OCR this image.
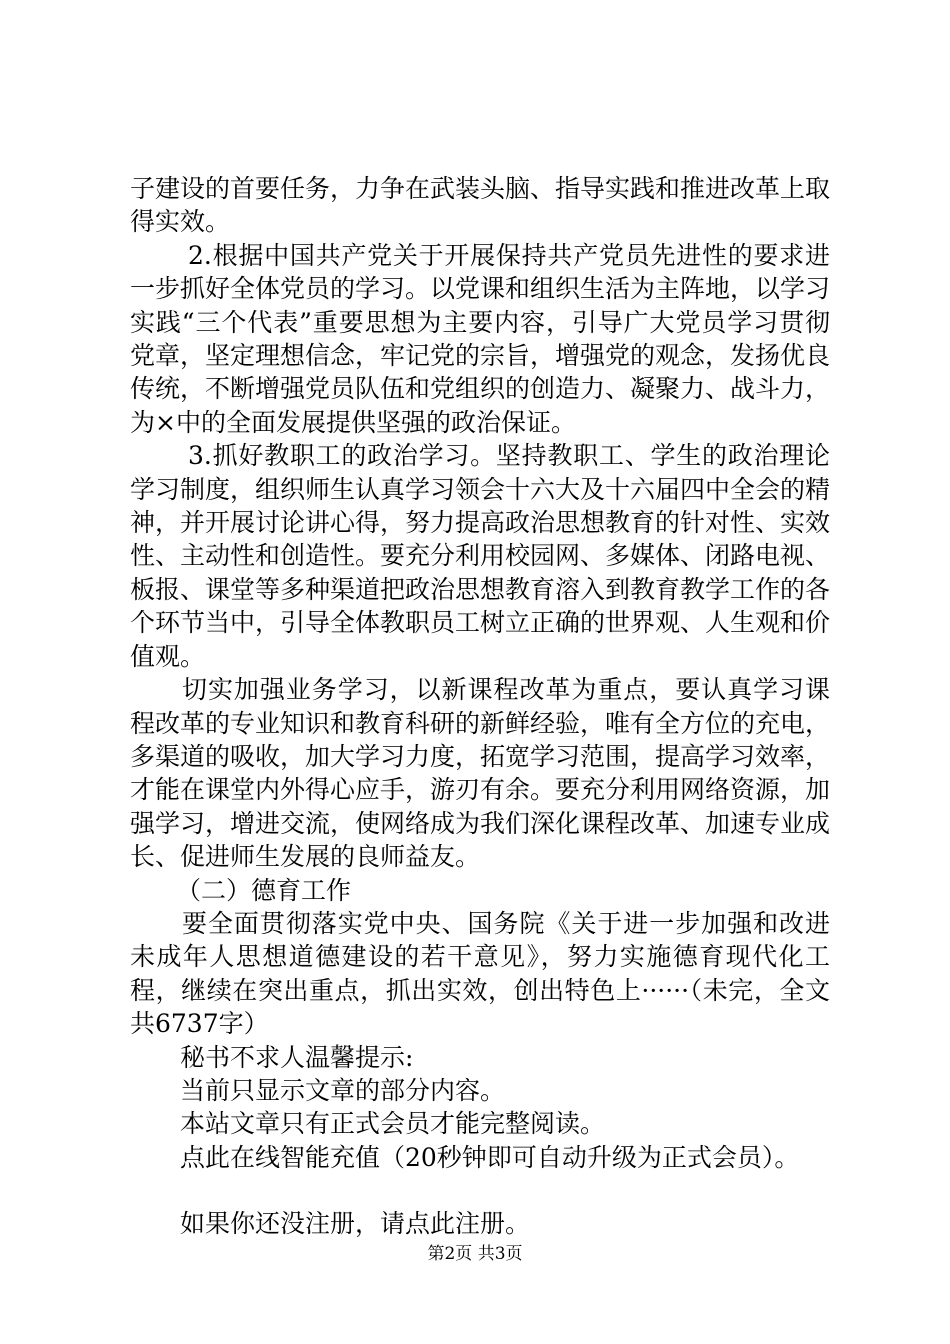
子建设的首要任务，力争在武装头脑、指导实践和推进改革上取得实效。

2.根据中国共产党关于开展保持共产党员先进性的要求进一步抓好全体党员的学习。以党课和组织生活为主阵地，以学习实践“三个代表”重要思想为主要内容，引导广大党员学习贯彻党章，坚定理想信念，牢记党的宗旨，增强党的观念，发扬优良传统，不断增强党员队伍和党组织的创造力、凝聚力、战斗力，为×中的全面发展提供坚强的政治保证。

3.抓好教职工的政治学习。坚持教职工、学生的政治理论学习制度，组织师生认真学习领会十六大及十六届四中全会的精神，并开展讨论讲心得，努力提高政治思想教育的针对性、实效性、主动性和创造性。要充分利用校园网、多媒体、闭路电视、板报、课堂等多种渠道把政治思想教育溶入到教育教学工作的各个环节当中，引导全体教职员工树立正确的世界观、人生观和价值观。

切实加强业务学习，以新课程改革为重点，要认真学习课程改革的专业知识和教育科研的新鲜经验，唯有全方位的充电，多渠道的吸收，加大学习力度，拓宽学习范围，提高学习效率，才能在课堂内外得心应手，游刃有余。要充分利用网络资源，加强学习，增进交流，使网络成为我们深化课程改革、加速专业成长、促进师生发展的良师益友。

（二）德育工作

要全面贯彻落实党中央、国务院《关于进一步加强和改进未成年人思想道德建设的若干意见》，努力实施德育现代化工程，继续在突出重点，抓出实效，创出特色上······（未完，全文共6737字）

秘书不求人温馨提示:

当前只显示文章的部分内容。

本站文章只有正式会员才能完整阅读。

点此在线智能充值（20秒钟即可自动升级为正式会员）。

如果你还没注册，请点此注册。

第2页 共3页
